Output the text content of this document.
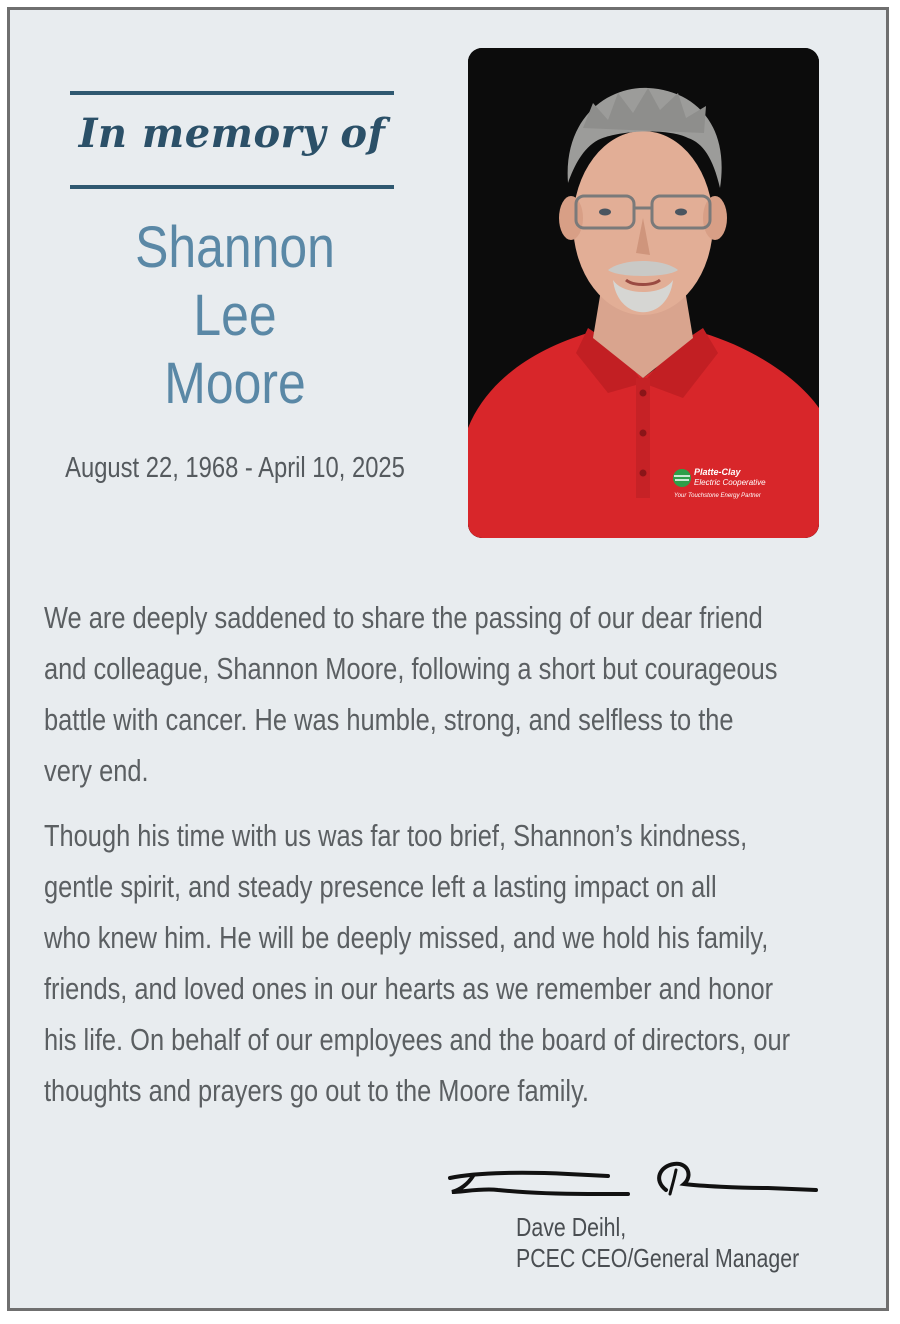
In memory of
Shannon
Lee
Moore
August 22, 1968 - April 10, 2025	Platte-Clay
Electric Cooperative
Your Touchstone Energy Partner
We are deeply saddened to share the passing of our dear friend
and colleague, Shannon Moore, following a short but courageous
battle with cancer. He was humble, strong, and selfless to the
very end.
Though his time with us was far too brief, Shannon’s kindness,
gentle spirit, and steady presence left a lasting impact on all
who knew him. He will be deeply missed, and we hold his family,
friends, and loved ones in our hearts as we remember and honor
his life. On behalf of our employees and the board of directors, our
thoughts and prayers go out to the Moore family.
Dave Deihl,
PCEC CEO/General Manager
